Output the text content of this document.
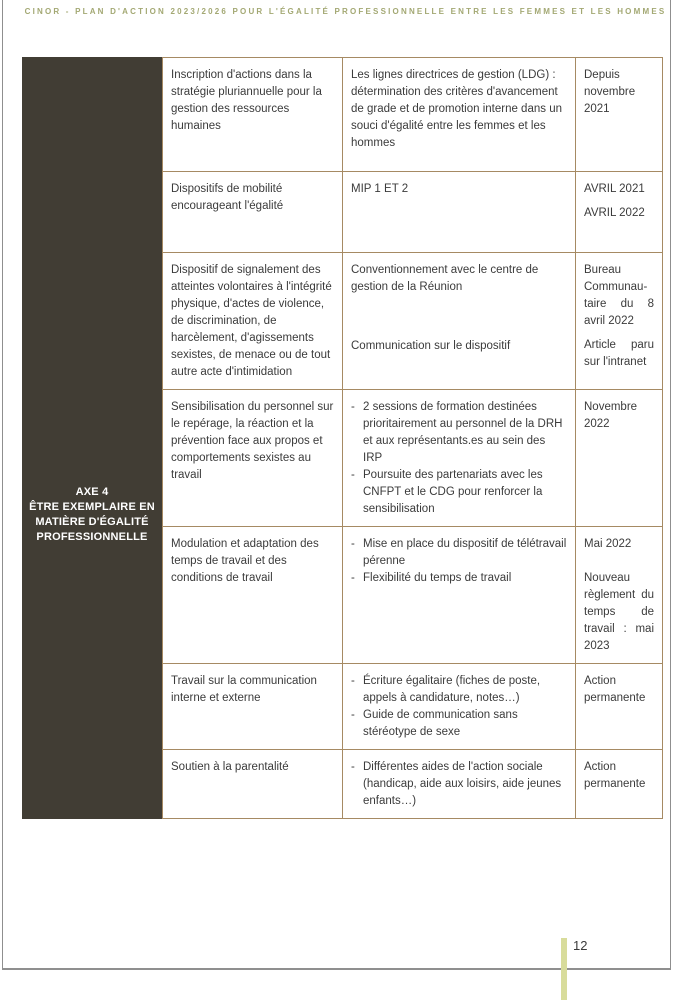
CINOR - PLAN D'ACTION 2023/2026 POUR L'ÉGALITÉ PROFESSIONNELLE ENTRE LES FEMMES ET LES HOMMES
AXE 4
ÊTRE EXEMPLAIRE EN MATIÈRE D'ÉGALITÉ PROFESSIONNELLE

Inscription d'actions dans la stratégie pluriannuelle pour la gestion des ressources humaines

Les lignes directrices de gestion (LDG) : détermination des critères d'avancement de grade et de promotion interne dans un souci d'égalité entre les femmes et les hommes

Depuis novembre 2021

Dispositifs de mobilité encourageant l'égalité

MIP 1 ET 2	AVRIL 2021

AVRIL 2022

Dispositif de signalement des atteintes volontaires à l'intégrité physique, d'actes de violence, de discrimination, de harcèlement, d'agissements sexistes, de menace ou de tout autre acte d'intimidation

Conventionnement avec le centre de gestion de la Réunion

Communication sur le dispositif

Bureau Communau-taire du 8 avril 2022

Article paru sur l'intranet

Sensibilisation du personnel sur le repérage, la réaction et la prévention face aux propos et comportements sexistes au travail

- 2 sessions de formation destinées prioritairement au personnel de la DRH et aux représentants.es au sein des IRP

- Poursuite des partenariats avec les CNFPT et le CDG pour renforcer la sensibilisation

Novembre 2022

Modulation et adaptation des temps de travail et des conditions de travail

- Mise en place du dispositif de télétravail pérenne

- Flexibilité du temps de travail

Mai 2022

Nouveau règlement du temps de travail : mai 2023

Travail sur la communication interne et externe

- Écriture égalitaire (fiches de poste, appels à candidature, notes…)

- Guide de communication sans stéréotype de sexe

Action permanente

Soutien à la parentalité	- Différentes aides de l'action sociale (handicap, aide aux loisirs, aide jeunes enfants…)

Action permanente

12
